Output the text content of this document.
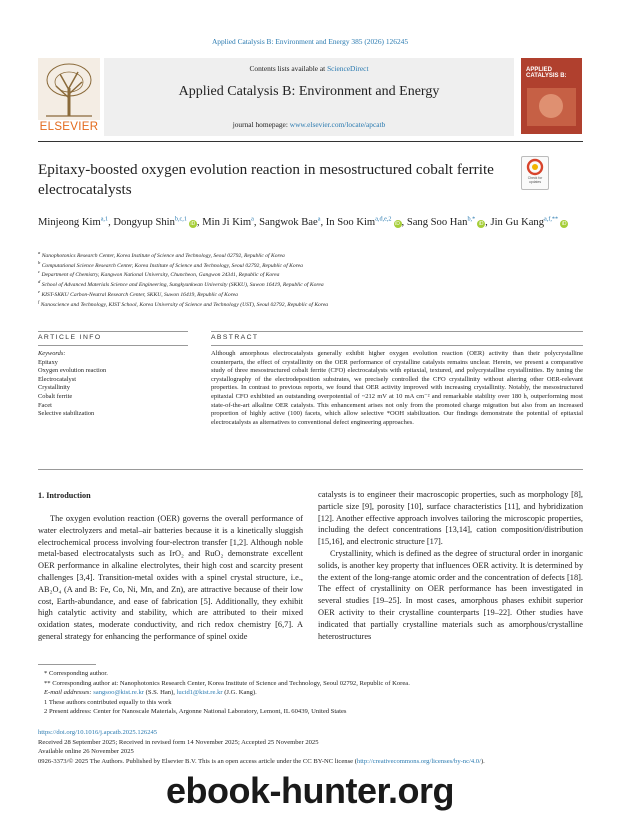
Applied Catalysis B: Environment and Energy 385 (2026) 126245
ELSEVIER
Contents lists available at ScienceDirect
Applied Catalysis B: Environment and Energy
journal homepage: www.elsevier.com/locate/apcatb
APPLIED CATALYSIS B:
Check for updates
Epitaxy-boosted oxygen evolution reaction in mesostructured cobalt ferrite electrocatalysts
Minjeong Kim$^{a,1}$, Dongyup Shin$^{b,c,1}$iD , Min Ji Kim$^a$, Sangwok Bae$^a$, In Soo Kim$^{a,d,e,2}$iD , Sang Soo Han$^{b,*}$iD , Jin Gu Kang$^{a,f,**}$iD
$^a$ Nanophotonics Research Center, Korea Institute of Science and Technology, Seoul 02792, Republic of Korea
$^b$ Computational Science Research Center, Korea Institute of Science and Technology, Seoul 02792, Republic of Korea
$^c$ Department of Chemistry, Kangwon National University, Chuncheon, Gangwon 24341, Republic of Korea
$^d$ School of Advanced Materials Science and Engineering, Sungkyunkwan University (SKKU), Suwon 16419, Republic of Korea
$^e$ KIST-SKKU Carbon-Neutral Research Center, SKKU, Suwon 16419, Republic of Korea
$^f$ Nanoscience and Technology, KIST School, Korea University of Science and Technology (UST), Seoul 02792, Republic of Korea
ARTICLE INFO	ABSTRACT
Keywords:
Epitaxy
Oxygen evolution reaction
Electrocatalyst
Crystallinity
Cobalt ferrite
Facet
Selective stabilization
Although amorphous electrocatalysts generally exhibit higher oxygen evolution reaction (OER) activity than their polycrystalline counterparts, the effect of crystallinity on the OER performance of crystalline catalysts remains unclear. Herein, we present a comparative study of three mesostructured cobalt ferrite (CFO) electrocatalysts with epitaxial, textured, and polycrystalline crystallinities. By tuning the crystallography of the electrodeposition substrates, we precisely controlled the CFO crystallinity without altering other OER-relevant properties. In contrast to previous reports, we found that OER activity improved with increasing crystallinity. Notably, the mesostructured epitaxial CFO exhibited an outstanding overpotential of ~212 mV at 10 mA cm⁻² and remarkable stability over 180 h, outperforming most state-of-the-art alkaline OER catalysts. This enhancement arises not only from the promoted charge migration but also from an increased proportion of highly active (100) facets, which allow selective *OOH stabilization. Our findings demonstrate the potential of epitaxial electrocatalysts as alternatives to conventional defect engineering approaches.
1. Introduction

The oxygen evolution reaction (OER) governs the overall performance of water electrolyzers and metal–air batteries because it is a kinetically sluggish electrochemical process involving four-electron transfer [1,2]. Although noble metal-based electrocatalysts such as IrO₂ and RuO₂ demonstrate excellent OER performance in alkaline electrolytes, their high cost and scarcity present challenges [3,4]. Transition-metal oxides with a spinel crystal structure, i.e., AB₂O₄ (A and B: Fe, Co, Ni, Mn, and Zn), are attractive because of their low cost, Earth-abundance, and ease of fabrication [5]. Additionally, they exhibit high catalytic activity and stability, which are attributed to their mixed oxidation states, moderate conductivity, and rich redox chemistry [6,7]. A general strategy for enhancing the performance of spinel oxide

catalysts is to engineer their macroscopic properties, such as morphology [8], particle size [9], porosity [10], surface characteristics [11], and hybridization [12]. Another effective approach involves tailoring the microscopic properties, including the defect concentrations [13,14], cation composition/distribution [15,16], and electronic structure [17].

Crystallinity, which is defined as the degree of structural order in inorganic solids, is another key property that influences OER activity. It is determined by the extent of the long-range atomic order and the concentration of defects [18]. The effect of crystallinity on OER performance has been investigated in several studies [19–25]. In most cases, amorphous phases exhibit superior OER activity to their crystalline counterparts [19–22]. Other studies have indicated that partially crystalline materials such as amorphous/crystalline heterostructures

* Corresponding author.
** Corresponding author at: Nanophotonics Research Center, Korea Institute of Science and Technology, Seoul 02792, Republic of Korea.
E-mail addresses: sangsoo@kist.re.kr (S.S. Han), lucid1@kist.re.kr (J.G. Kang).
1 These authors contributed equally to this work
2 Present address: Center for Nanoscale Materials, Argonne National Laboratory, Lemont, IL 60439, United States
https://doi.org/10.1016/j.apcatb.2025.126245
Received 28 September 2025; Received in revised form 14 November 2025; Accepted 25 November 2025
Available online 26 November 2025
0926-3373/© 2025 The Authors. Published by Elsevier B.V. This is an open access article under the CC BY-NC license (http://creativecommons.org/licenses/by-nc/4.0/).
ebook-hunter.org
